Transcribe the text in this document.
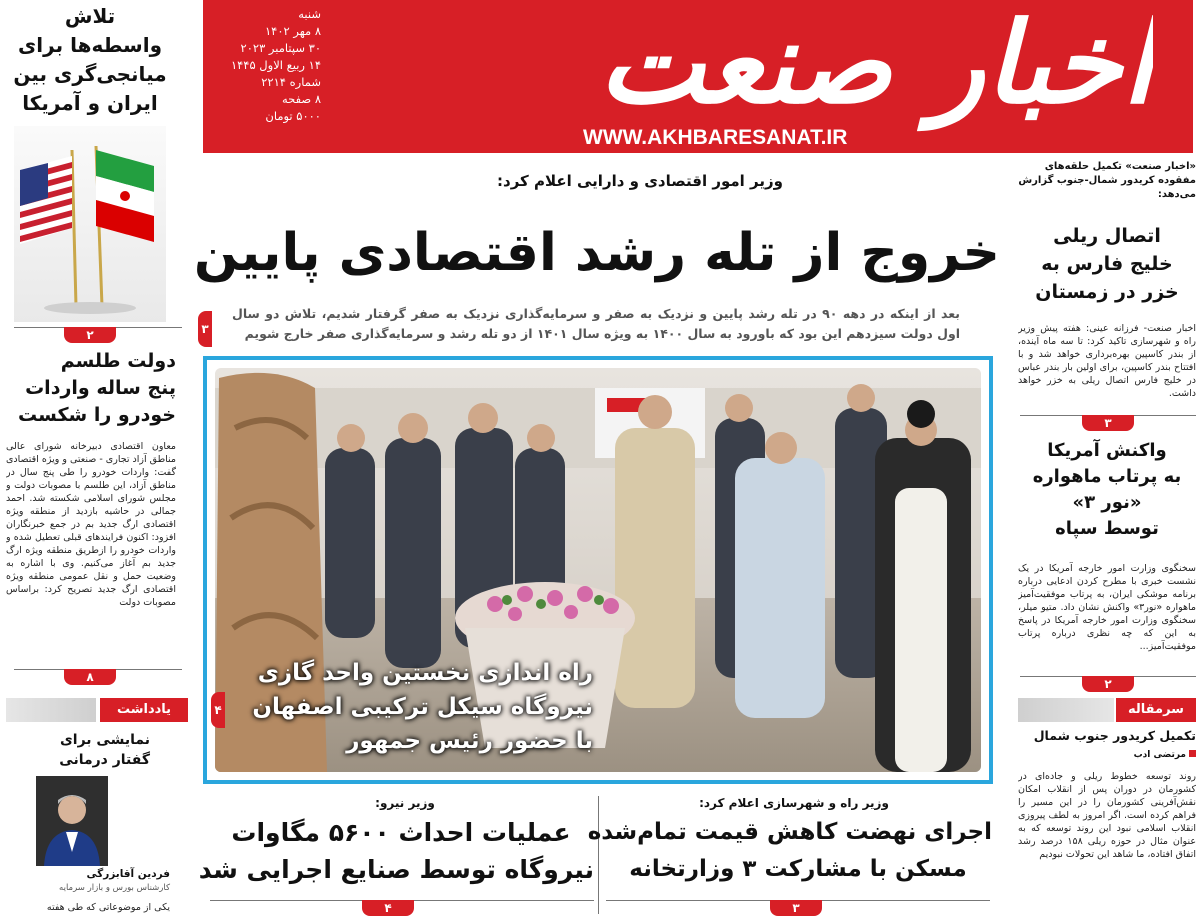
اخبار صنعت
WWW.AKHBARESANAT.IR
شنبه
۸ مهر ۱۴۰۲
۳۰ سپتامبر ۲۰۲۳
۱۴ ربیع الاول ۱۴۴۵
شماره ۲۲۱۴
۸ صفحه
۵۰۰۰ تومان
تلاش
واسطه‌ها برای
میانجی‌گری بین
ایران و آمریکا
۲
دولت طلسم
پنج ساله واردات
خودرو را شکست
معاون اقتصادی دبیرخانه شورای عالی مناطق آزاد تجاری - صنعتی و ویژه اقتصادی گفت: واردات خودرو را طی پنج سال در مناطق آزاد، این طلسم با مصوبات دولت و مجلس شورای اسلامی شکسته شد. احمد جمالی در حاشیه بازدید از منطقه ویژه اقتصادی ارگ جدید بم در جمع خبرنگاران افزود: اکنون فرایندهای قبلی تعطیل شده و واردات خودرو را ازطریق منطقه ویژه ارگ جدید بم آغاز می‌کنیم. وی با اشاره به وضعیت حمل و نقل عمومی منطقه ویژه اقتصادی ارگ جدید تصریح کرد: براساس مصوبات دولت
۸
یادداشت
نمایشی برای
گفتار درمانی
فردین آقابزرگی
کارشناس بورس و بازار سرمایه
یکی از موضوعاتی که طی هفته
«اخبار صنعت» تکمیل حلقه‌های مفقوده کریدور شمال-جنوب گزارش می‌دهد:
اتصال ریلی
خلیج فارس به
خزر در زمستان
اخبار صنعت- فرزانه عینی: هفته پیش وزیر راه و شهرسازی تاکید کرد: تا سه ماه آینده، از بندر کاسپین بهره‌برداری خواهد شد و با افتتاح بندر کاسپین، برای اولین بار بندر عباس در خلیج فارس اتصال ریلی به خزر خواهد داشت.
۳
واکنش آمریکا
به پرتاب ماهواره
«نور ۳»
توسط سپاه
سخنگوی وزارت امور خارجه آمریکا در یک نشست خبری با مطرح کردن ادعایی درباره برنامه موشکی ایران، به پرتاب موفقیت‌آمیز ماهواره «نور۳» واکنش نشان داد. متیو میلر، سخنگوی وزارت امور خارجه آمریکا در پاسخ به این که چه نظری درباره پرتاب موفقیت‌آمیز...
۲
سرمقاله
تکمیل کریدور جنوب شمال
مرتضی ادب
روند توسعه خطوط ریلی و جاده‌ای در کشورمان در دوران پس از انقلاب امکان نقش‌آفرینی کشورمان را در این مسیر را فراهم کرده است. اگر امروز به لطف پیروزی انقلاب اسلامی نبود این روند توسعه که به عنوان مثال در حوزه ریلی ۱۵۸ درصد رشد اتفاق افتاده، ما شاهد این تحولات نبودیم
وزیر امور اقتصادی و دارایی اعلام کرد:
خروج از تله رشد اقتصادی پایین
بعد از اینکه در دهه ۹۰ در تله رشد پایین و نزدیک به صفر و سرمایه‌گذاری نزدیک به صفر گرفتار شدیم، تلاش دو سال اول دولت سیزدهم این بود که باورود به سال ۱۴۰۰ به ویژه سال ۱۴۰۱ از دو تله رشد و سرمایه‌گذاری صفر خارج شویم
۳
راه اندازی نخستین واحد گازی
نیروگاه سیکل ترکیبی اصفهان
با حضور رئیس جمهور
۴
وزیر نیرو:
عملیات احداث ۵۶۰۰ مگاوات
نیروگاه توسط صنایع اجرایی شد
۴
وزیر راه و شهرسازی اعلام کرد:
اجرای نهضت کاهش قیمت تمام‌شده
مسکن با مشارکت ۳ وزارتخانه
۳
